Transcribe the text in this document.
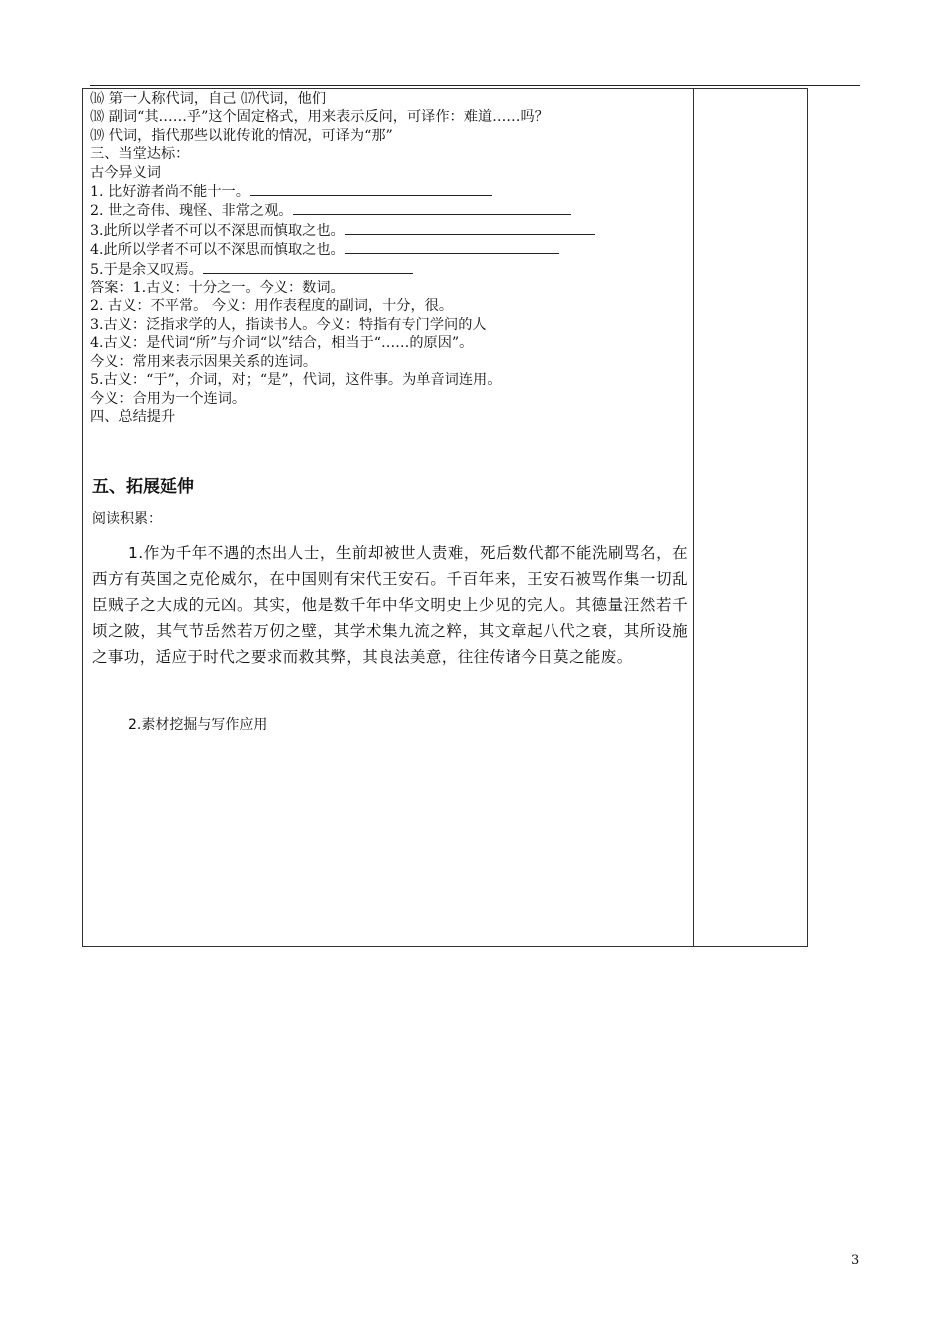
⒃ 第一人称代词，自己 ⒄代词，他们
⒅ 副词“其……乎”这个固定格式，用来表示反问，可译作：难道……吗？
⒆ 代词，指代那些以讹传讹的情况，可译为“那”
三、当堂达标：
古今异义词
1. 比好游者尚不能十一。
2. 世之奇伟、瑰怪、非常之观。
3.此所以学者不可以不深思而慎取之也。
4.此所以学者不可以不深思而慎取之也。
5.于是余又叹焉。
答案：1.古义：十分之一。今义：数词。
2. 古义：不平常。 今义：用作表程度的副词，十分，很。
3.古义：泛指求学的人，指读书人。今义：特指有专门学问的人
4.古义：是代词“所”与介词“以”结合，相当于“……的原因”。
今义：常用来表示因果关系的连词。
5.古义：“于”，介词，对；“是”，代词，这件事。为单音词连用。
今义：合用为一个连词。
四、总结提升
五、拓展延伸
阅读积累：
1.作为千年不遇的杰出人士，生前却被世人责难，死后数代都不能洗刷骂名，在西方有英国之克伦威尔，在中国则有宋代王安石。千百年来，王安石被骂作集一切乱臣贼子之大成的元凶。其实，他是数千年中华文明史上少见的完人。其德量汪然若千顷之陂，其气节岳然若万仞之壁，其学术集九流之粹，其文章起八代之衰，其所设施之事功，适应于时代之要求而救其弊，其良法美意，往往传诸今日莫之能废。
2.素材挖掘与写作应用
3
